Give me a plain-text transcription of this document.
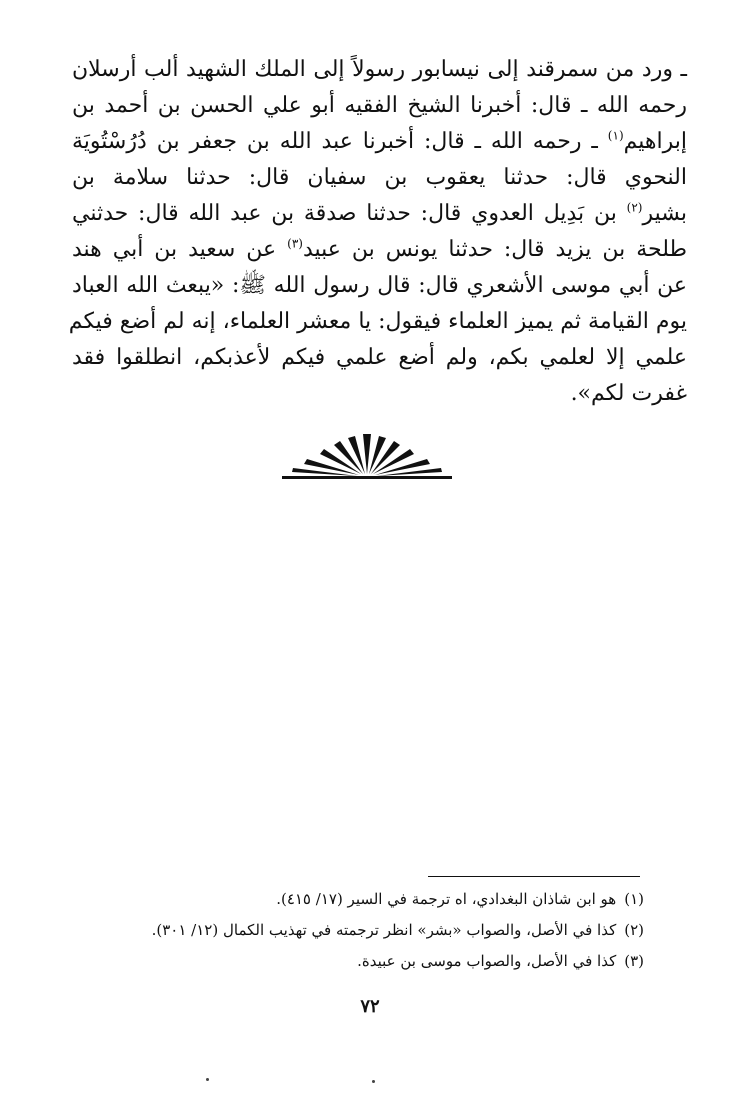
ـ ورد من سمرقند إلى نيسابور رسولاً إلى الملك الشهيد ألب أرسلان
رحمه الله ـ قال: أخبرنا الشيخ الفقيه أبو علي الحسن بن أحمد بن
إبراهيم$^{(١)}$ ـ رحمه الله ـ قال: أخبرنا عبد الله بن جعفر بن دُرُسْتُويَة
النحوي قال: حدثنا يعقوب بن سفيان قال: حدثنا سلامة بن
بشير$^{(٢)}$ بن بَدِيل العدوي قال: حدثنا صدقة بن عبد الله قال: حدثني
طلحة بن يزيد قال: حدثنا يونس بن عبيد$^{(٣)}$ عن سعيد بن أبي هند
عن أبي موسى الأشعري قال: قال رسول الله ﷺ: «يبعث الله العباد
يوم القيامة ثم يميز العلماء فيقول: يا معشر العلماء، إنه لم أضع فيكم
علمي إلا لعلمي بكم، ولم أضع علمي فيكم لأعذبكم، انطلقوا فقد
غفرت لكم».
(١)هو ابن شاذان البغدادي، اه ترجمة في السير (١٧/ ٤١٥).
(٢)كذا في الأصل، والصواب «بشر» انظر ترجمته في تهذيب الكمال (١٢/ ٣٠١).
(٣)كذا في الأصل، والصواب موسى بن عبيدة.
٧٢
